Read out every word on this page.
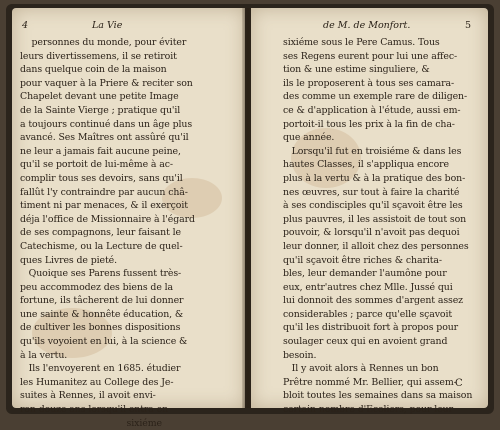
4	La Vie
personnes du monde, pour éviter
leurs divertissemens, il se retiroit
dans quelque coin de la maison
pour vaquer à la Priere & reciter son
Chapelet devant une petite Image
de la Sainte Vierge ; pratique qu'il
a toujours continué dans un âge plus
avancé. Ses Maîtres ont assûré qu'il
ne leur a jamais fait aucune peine,
qu'il se portoit de lui-même à ac-
complir tous ses devoirs, sans qu'il
fallût l'y contraindre par aucun châ-
timent ni par menaces, & il exerçoit
déja l'office de Missionnaire à l'égard
de ses compagnons, leur faisant le
Catechisme, ou la Lecture de quel-
ques Livres de pieté.
Quoique ses Parens fussent très-
peu accommodez des biens de la
fortune, ils tâcherent de lui donner
une sainte & honnête éducation, &
de cultiver les bonnes dispositions
qu'ils voyoient en lui, à la science &
à la vertu.
Ils l'envoyerent en 1685. étudier
les Humanitez au College des Je-
suites à Rennes, il avoit envi-
ron douze ans lorsqu'il entra en
sixiéme
de M. de Monfort.	5
sixiéme sous le Pere Camus. Tous
ses Regens eurent pour lui une affec-
tion & une estime singuliere, &
ils le proposerent à tous ses camara-
des comme un exemple rare de diligen-
ce & d'application à l'étude, aussi em-
portoit-il tous les prix à la fin de cha-
que année.
Lorsqu'il fut en troisiéme & dans les
hautes Classes, il s'appliqua encore
plus à la vertu & à la pratique des bon-
nes œuvres, sur tout à faire la charité
à ses condisciples qu'il sçavoit être les
plus pauvres, il les assistoit de tout son
pouvoir, & lorsqu'il n'avoit pas dequoi
leur donner, il alloit chez des personnes
qu'il sçavoit être riches & charita-
bles, leur demander l'aumône pour
eux, entr'autres chez Mlle. Jussé qui
lui donnoit des sommes d'argent assez
considerables ; parce qu'elle sçavoit
qu'il les distribuoit fort à propos pour
soulager ceux qui en avoient grand
besoin.
Il y avoit alors à Rennes un bon
Prêtre nommé Mr. Bellier, qui assem-
bloit toutes les semaines dans sa maison
certain nombre d'Ecoliers, pour leur
C
